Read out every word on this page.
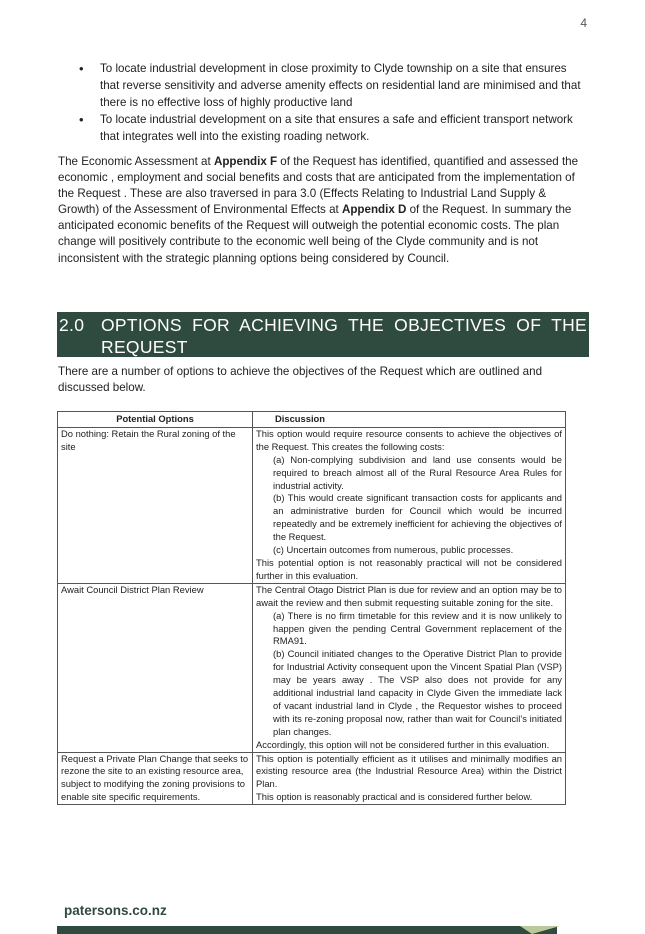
4
• To locate industrial development in close proximity to Clyde township on a site that ensures that reverse sensitivity and adverse amenity effects on residential land are minimised and that there is no effective loss of highly productive land
• To locate industrial development on a site that ensures a safe and efficient transport network that integrates well into the existing roading network.

The Economic Assessment at Appendix F of the Request has identified, quantified and assessed the economic , employment and social benefits and costs that are anticipated from the implementation of the Request . These are also traversed in para 3.0 (Effects Relating to Industrial Land Supply & Growth) of the Assessment of Environmental Effects at Appendix D of the Request. In summary the anticipated economic benefits of the Request will outweigh the potential economic costs. The plan change will positively contribute to the economic well being of the Clyde community and is not inconsistent with the strategic planning options being considered by Council.

2.0 OPTIONS FOR ACHIEVING THE OBJECTIVES OF THE REQUEST

There are a number of options to achieve the objectives of the Request which are outlined and discussed below.

Potential Options	Discussion
Do nothing: Retain the Rural zoning of the site	This option would require resource consents to achieve the objectives of the Request. This creates the following costs:

(a) Non-complying subdivision and land use consents would be required to breach almost all of the Rural Resource Area Rules for industrial activity.

(b) This would create significant transaction costs for applicants and an administrative burden for Council which would be incurred repeatedly and be extremely inefficient for achieving the objectives of the Request.

(c) Uncertain outcomes from numerous, public processes.

This potential option is not reasonably practical will not be considered further in this evaluation.

Await Council District Plan Review	The Central Otago District Plan is due for review and an option may be to await the review and then submit requesting suitable zoning for the site.

(a) There is no firm timetable for this review and it is now unlikely to happen given the pending Central Government replacement of the RMA91.

(b) Council initiated changes to the Operative District Plan to provide for Industrial Activity consequent upon the Vincent Spatial Plan (VSP) may be years away . The VSP also does not provide for any additional industrial land capacity in Clyde Given the immediate lack of vacant industrial land in Clyde , the Requestor wishes to proceed with its re-zoning proposal now, rather than wait for Council’s initiated plan changes.

Accordingly, this option will not be considered further in this evaluation.

Request a Private Plan Change that seeks to rezone the site to an existing resource area, subject to modifying the zoning provisions to enable site specific requirements.	This option is potentially efficient as it utilises and minimally modifies an existing resource area (the Industrial Resource Area) within the District Plan.

This option is reasonably practical and is considered further below.

patersons.co.nz
